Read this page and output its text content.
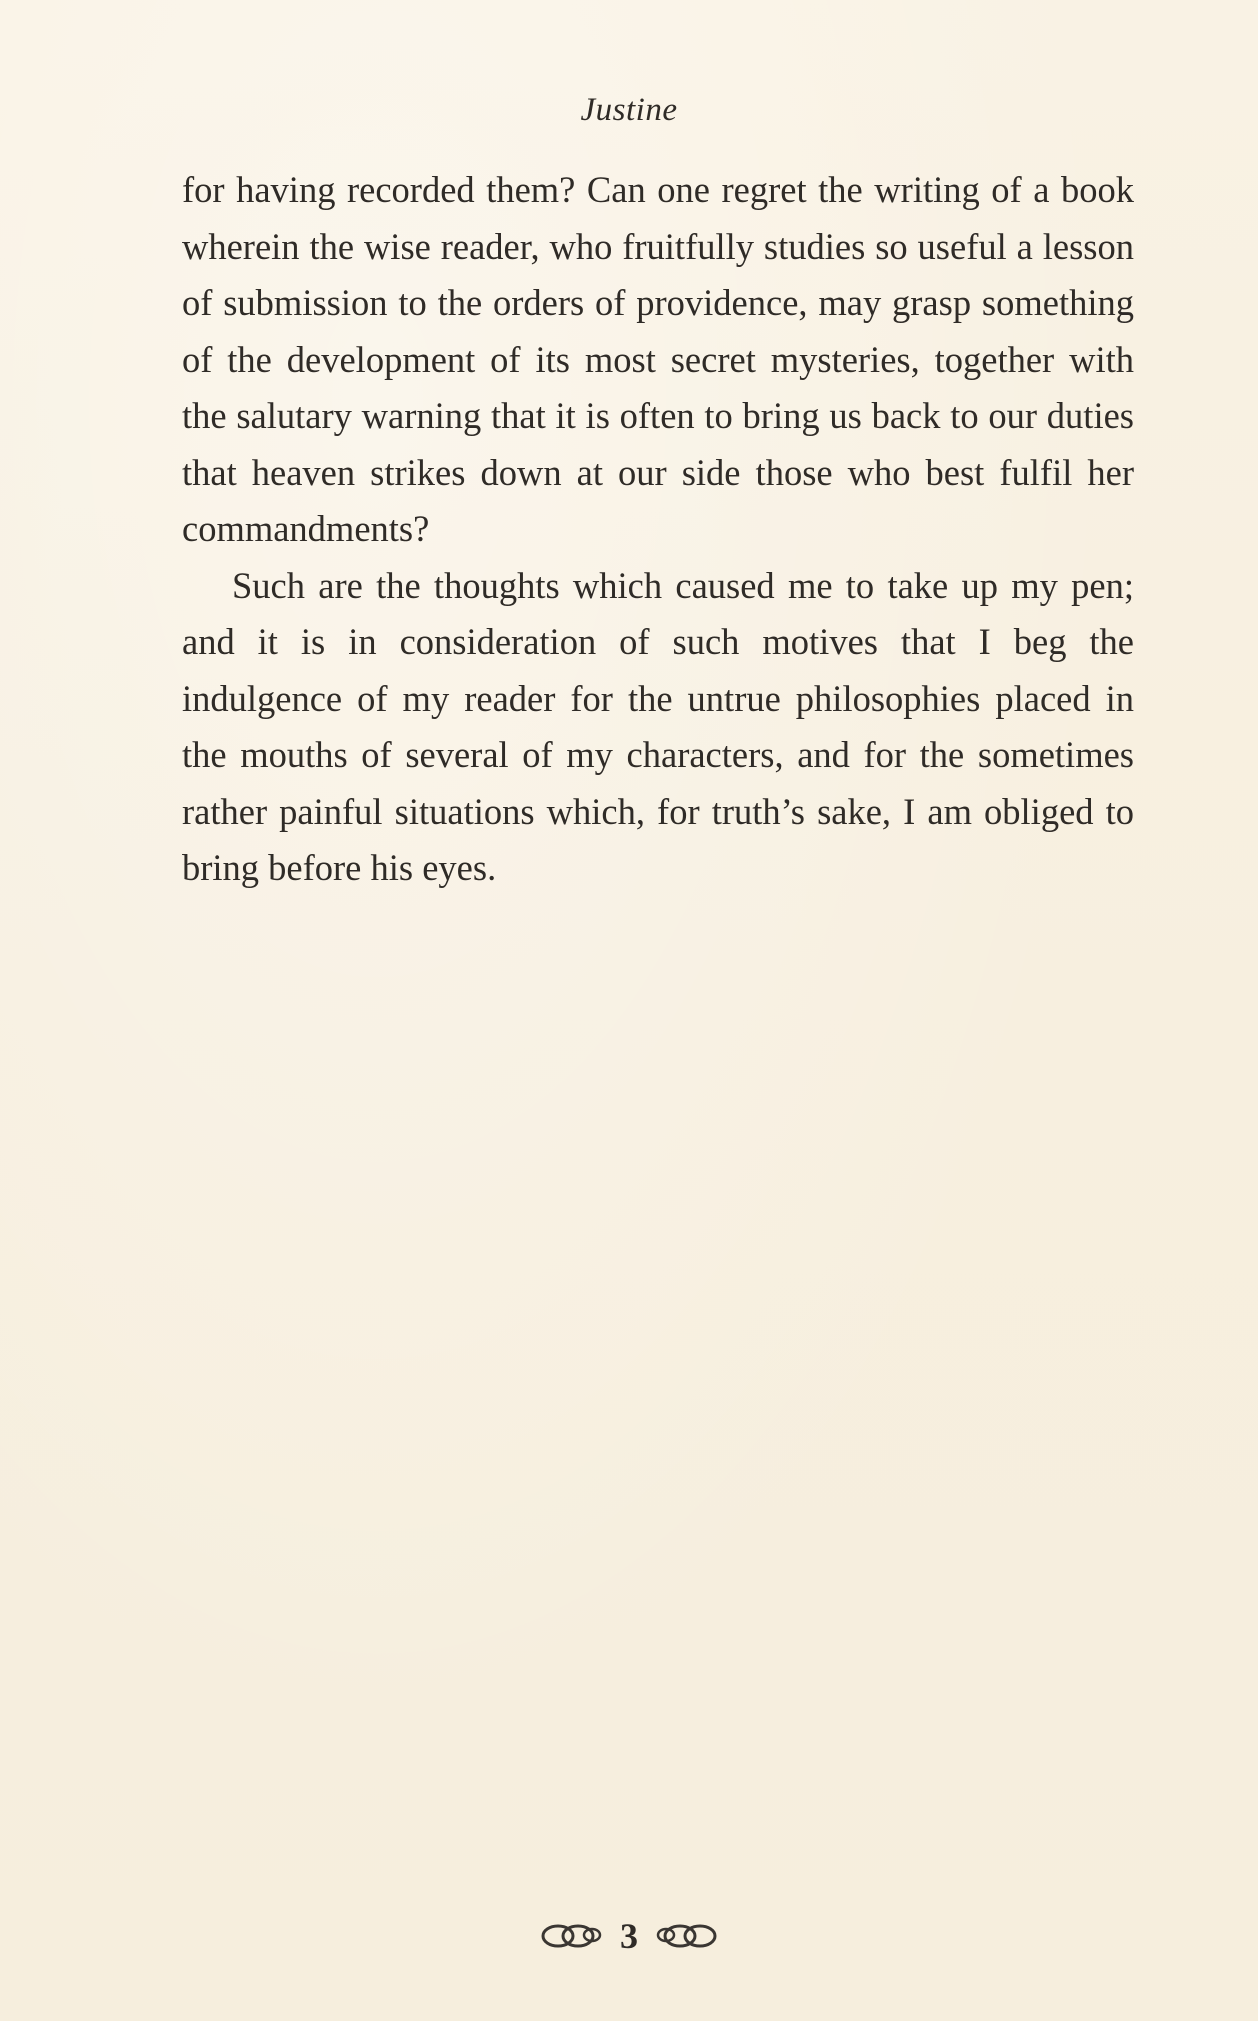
Justine

for having recorded them? Can one regret the writing of a book wherein the wise reader, who fruitfully studies so useful a lesson of submission to the orders of providence, may grasp something of the development of its most secret mysteries, together with the salutary warning that it is often to bring us back to our duties that heaven strikes down at our side those who best fulfil her commandments?

Such are the thoughts which caused me to take up my pen; and it is in consideration of such motives that I beg the indulgence of my reader for the untrue philosophies placed in the mouths of several of my characters, and for the sometimes rather painful situations which, for truth’s sake, I am obliged to bring before his eyes.

3
